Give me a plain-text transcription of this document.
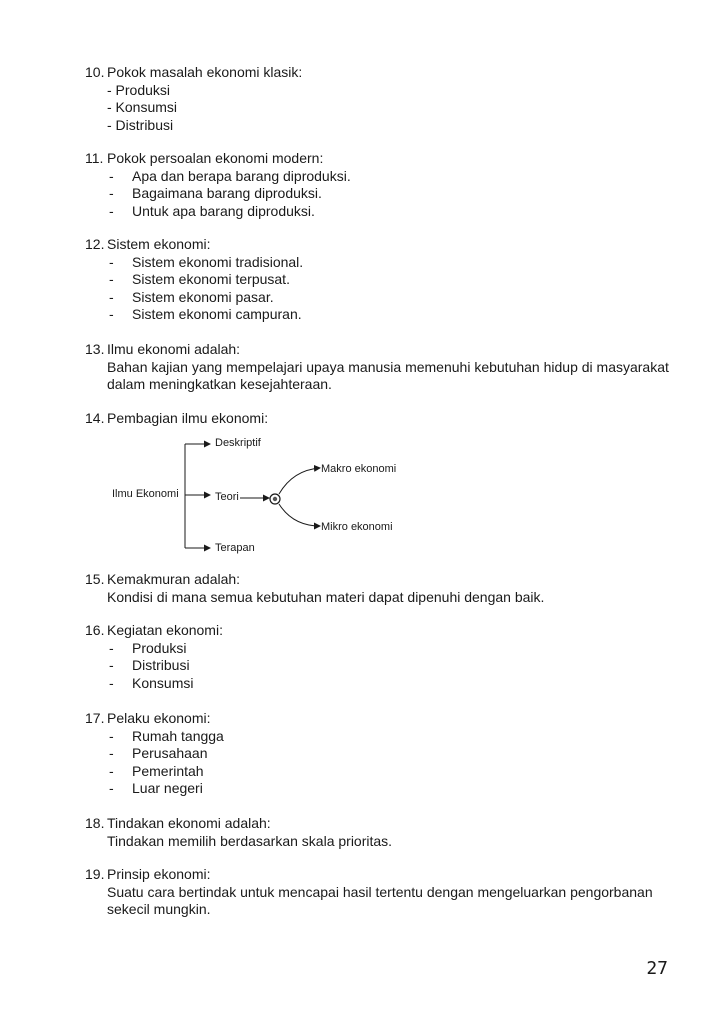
10. Pokok masalah ekonomi klasik:
- Produksi
- Konsumsi
- Distribusi
11. Pokok persoalan ekonomi modern:
- Apa dan berapa barang diproduksi.
- Bagaimana barang diproduksi.
- Untuk apa barang diproduksi.
12. Sistem ekonomi:
- Sistem ekonomi tradisional.
- Sistem ekonomi terpusat.
- Sistem ekonomi pasar.
- Sistem ekonomi campuran.
13. Ilmu ekonomi adalah:
Bahan kajian yang mempelajari upaya manusia memenuhi kebutuhan hidup di masyarakat dalam meningkatkan kesejahteraan.
14. Pembagian ilmu ekonomi:
Ilmu Ekonomi
Deskriptif
Teori
Terapan
Makro ekonomi
Mikro ekonomi
15. Kemakmuran adalah:
Kondisi di mana semua kebutuhan materi dapat dipenuhi dengan baik.
16. Kegiatan ekonomi:
- Produksi
- Distribusi
- Konsumsi
17. Pelaku ekonomi:
- Rumah tangga
- Perusahaan
- Pemerintah
- Luar negeri
18. Tindakan ekonomi adalah:
Tindakan memilih berdasarkan skala prioritas.
19. Prinsip ekonomi:
Suatu cara bertindak untuk mencapai hasil tertentu dengan mengeluarkan pengorbanan sekecil mungkin.
27
